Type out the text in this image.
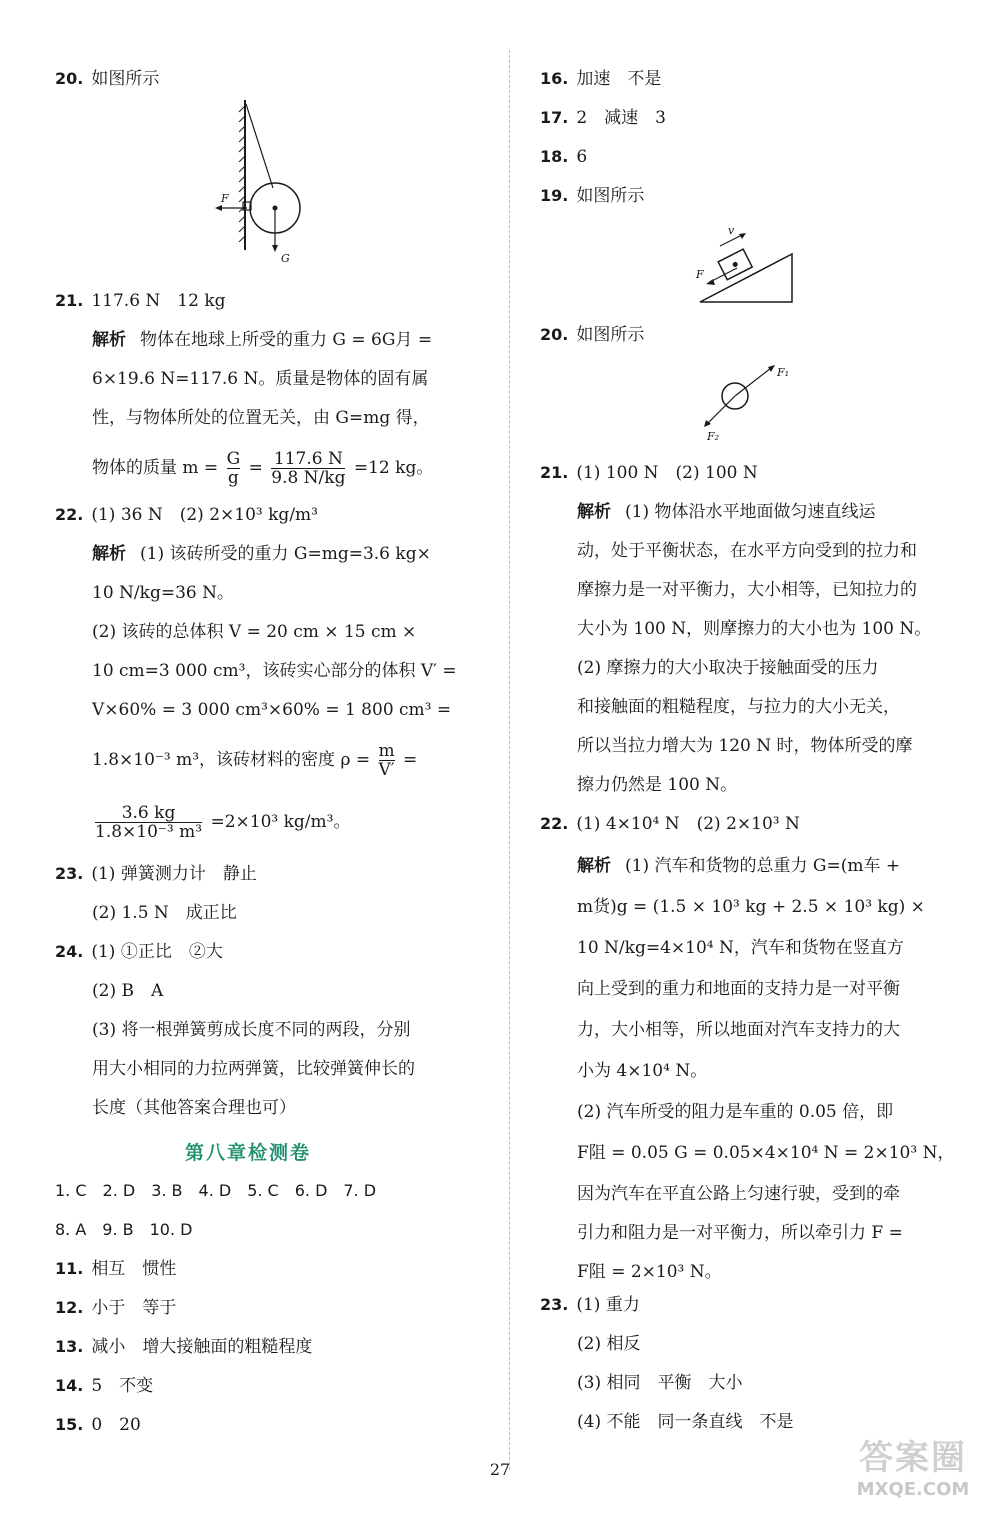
20. 如图所示
F
G
21. 117.6 N　12 kg
解析 物体在地球上所受的重力 G = 6G月 =
6×19.6 N=117.6 N。质量是物体的固有属
性，与物体所处的位置无关，由 G=mg 得，
物体的质量 $m = \frac{G}{g} = \frac{117.6 N}{9.8 N/kg} =12$ kg。
22. (1) 36 N　(2) 2×10³ kg/m³
解析 (1) 该砖所受的重力 G=mg=3.6 kg×
10 N/kg=36 N。
(2) 该砖的总体积 V = 20 cm × 15 cm ×
10 cm=3 000 cm³，该砖实心部分的体积 V′ =
V×60% = 3 000 cm³×60% = 1 800 cm³ =
1.8×10⁻³ m³，该砖材料的密度 $\rho = \frac{m}{V'}$ =
$\frac{3.6 kg}{\text{1.8×10⁻³ m³}} =2\times 10^3$ kg/m³。
23. (1) 弹簧测力计　静止
(2) 1.5 N　成正比
24. (1) ①正比　②大
(2) B　A
(3) 将一根弹簧剪成长度不同的两段，分别
用大小相同的力拉两弹簧，比较弹簧伸长的
长度（其他答案合理也可）
第八章检测卷
1. C　2. D　3. B　4. D　5. C　6. D　7. D
8. A　9. B　10. D
11. 相互　惯性
12. 小于　等于
13. 减小　增大接触面的粗糙程度
14. 5　不变
15. 0　20
16. 加速　不是
17. 2　减速　3
18. 6
19. 如图所示
v
F
20. 如图所示
F₁
F₂
21. (1) 100 N　(2) 100 N
解析 (1) 物体沿水平地面做匀速直线运
动，处于平衡状态，在水平方向受到的拉力和
摩擦力是一对平衡力，大小相等，已知拉力的
大小为 100 N，则摩擦力的大小也为 100 N。
(2) 摩擦力的大小取决于接触面受的压力
和接触面的粗糙程度，与拉力的大小无关，
所以当拉力增大为 120 N 时，物体所受的摩
擦力仍然是 100 N。
22. (1) 4×10⁴ N　(2) 2×10³ N
解析 (1) 汽车和货物的总重力 G=(m车 +
m货)g = (1.5 × 10³ kg + 2.5 × 10³ kg) ×
10 N/kg=4×10⁴ N，汽车和货物在竖直方
向上受到的重力和地面的支持力是一对平衡
力，大小相等，所以地面对汽车支持力的大
小为 4×10⁴ N。
(2) 汽车所受的阻力是车重的 0.05 倍，即
F阻 = 0.05 G = 0.05×4×10⁴ N = 2×10³ N，
因为汽车在平直公路上匀速行驶，受到的牵
引力和阻力是一对平衡力，所以牵引力 F =
F阻 = 2×10³ N。
23. (1) 重力
(2) 相反
(3) 相同　平衡　大小
(4) 不能　同一条直线　不是
27	答案圈
MXQE.COM
